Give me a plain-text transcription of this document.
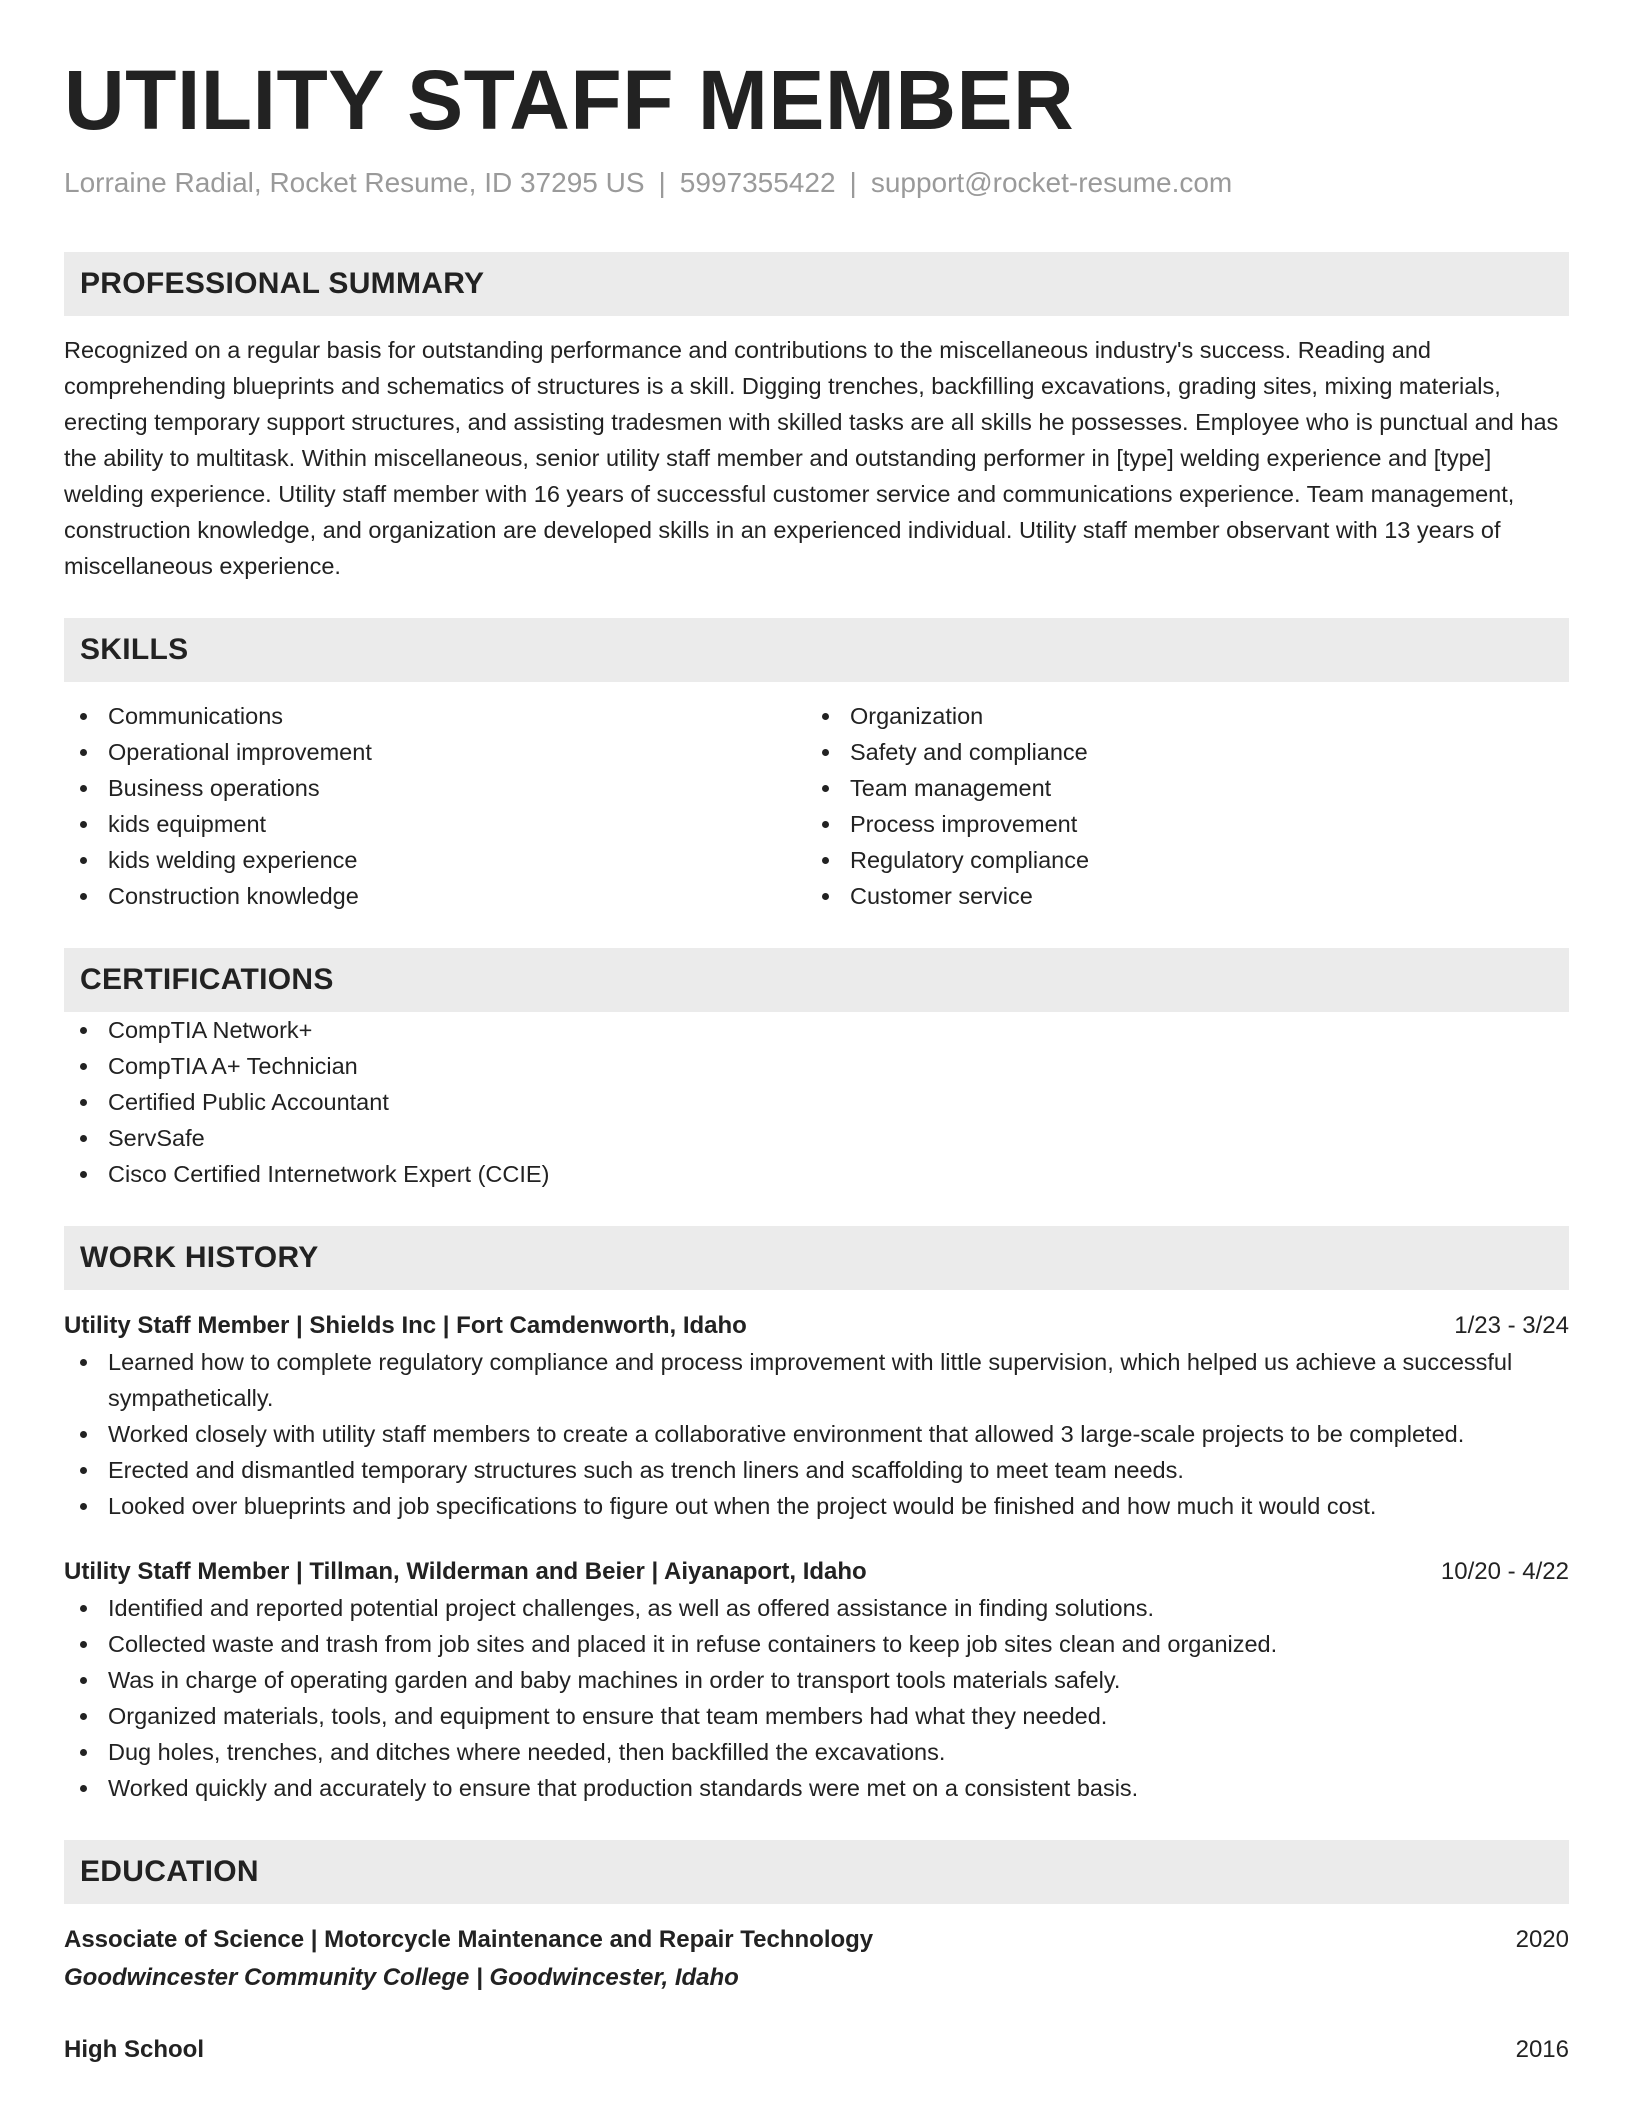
UTILITY STAFF MEMBER
Lorraine Radial, Rocket Resume, ID 37295 US | 5997355422 | support@rocket-resume.com
PROFESSIONAL SUMMARY

Recognized on a regular basis for outstanding performance and contributions to the miscellaneous industry's success. Reading and comprehending blueprints and schematics of structures is a skill. Digging trenches, backfilling excavations, grading sites, mixing materials, erecting temporary support structures, and assisting tradesmen with skilled tasks are all skills he possesses. Employee who is punctual and has the ability to multitask. Within miscellaneous, senior utility staff member and outstanding performer in [type] welding experience and [type] welding experience. Utility staff member with 16 years of successful customer service and communications experience. Team management, construction knowledge, and organization are developed skills in an experienced individual. Utility staff member observant with 13 years of miscellaneous experience.

SKILLS
Communications
Operational improvement
Business operations
kids equipment
kids welding experience
Construction knowledge
Organization
Safety and compliance
Team management
Process improvement
Regulatory compliance
Customer service
CERTIFICATIONS
CompTIA Network+
CompTIA A+ Technician
Certified Public Accountant
ServSafe
Cisco Certified Internetwork Expert (CCIE)
WORK HISTORY
Utility Staff Member | Shields Inc | Fort Camdenworth, Idaho	1/23 - 3/24
Learned how to complete regulatory compliance and process improvement with little supervision, which helped us achieve a successful sympathetically.
Worked closely with utility staff members to create a collaborative environment that allowed 3 large-scale projects to be completed.
Erected and dismantled temporary structures such as trench liners and scaffolding to meet team needs.
Looked over blueprints and job specifications to figure out when the project would be finished and how much it would cost.
Utility Staff Member | Tillman, Wilderman and Beier | Aiyanaport, Idaho	10/20 - 4/22
Identified and reported potential project challenges, as well as offered assistance in finding solutions.
Collected waste and trash from job sites and placed it in refuse containers to keep job sites clean and organized.
Was in charge of operating garden and baby machines in order to transport tools materials safely.
Organized materials, tools, and equipment to ensure that team members had what they needed.
Dug holes, trenches, and ditches where needed, then backfilled the excavations.
Worked quickly and accurately to ensure that production standards were met on a consistent basis.
EDUCATION
Associate of Science | Motorcycle Maintenance and Repair Technology	2020
Goodwincester Community College | Goodwincester, Idaho
High School	2016
